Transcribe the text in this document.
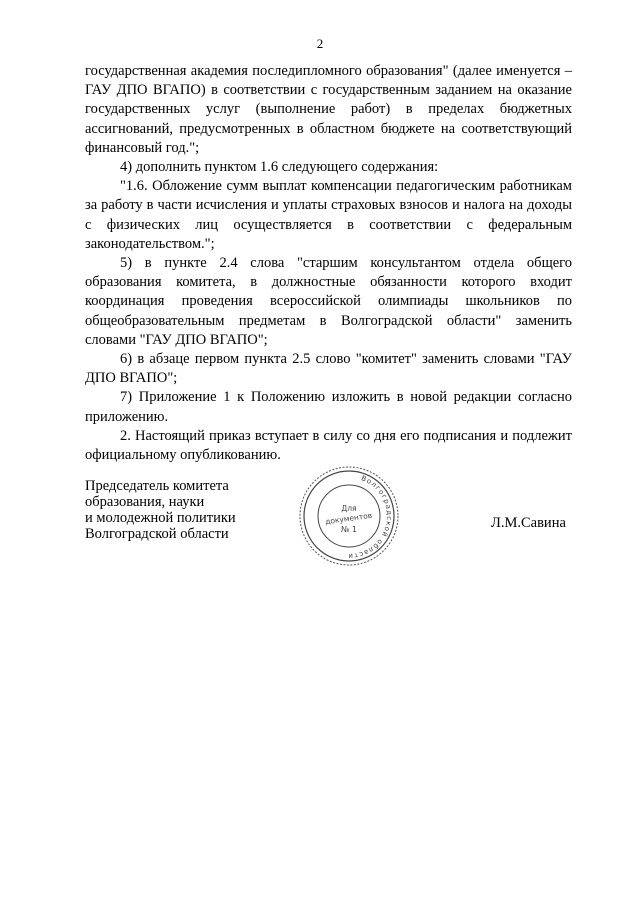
2

государственная академия последипломного образования" (далее именуется – ГАУ ДПО ВГАПО) в соответствии с государственным заданием на оказание государственных услуг (выполнение работ) в пределах бюджетных ассигнований, предусмотренных в областном бюджете на соответствующий финансовый год.";

4) дополнить пунктом 1.6 следующего содержания:

"1.6. Обложение сумм выплат компенсации педагогическим работникам за работу в части исчисления и уплаты страховых взносов и налога на доходы с физических лиц осуществляется в соответствии с федеральным законодательством.";

5) в пункте 2.4 слова "старшим консультантом отдела общего образования комитета, в должностные обязанности которого входит координация проведения всероссийской олимпиады школьников по общеобразовательным предметам в Волгоградской области" заменить словами "ГАУ ДПО ВГАПО";

6) в абзаце первом пункта 2.5 слово "комитет" заменить словами "ГАУ ДПО ВГАПО";

7) Приложение 1 к Положению изложить в новой редакции согласно приложению.

2. Настоящий приказ вступает в силу со дня его подписания и подлежит официальному опубликованию.

Председатель комитета
образования, науки
и молодежной политики
Волгоградской области
Волгоградской области
Для
документов
№ 1	Л.М.Савина
